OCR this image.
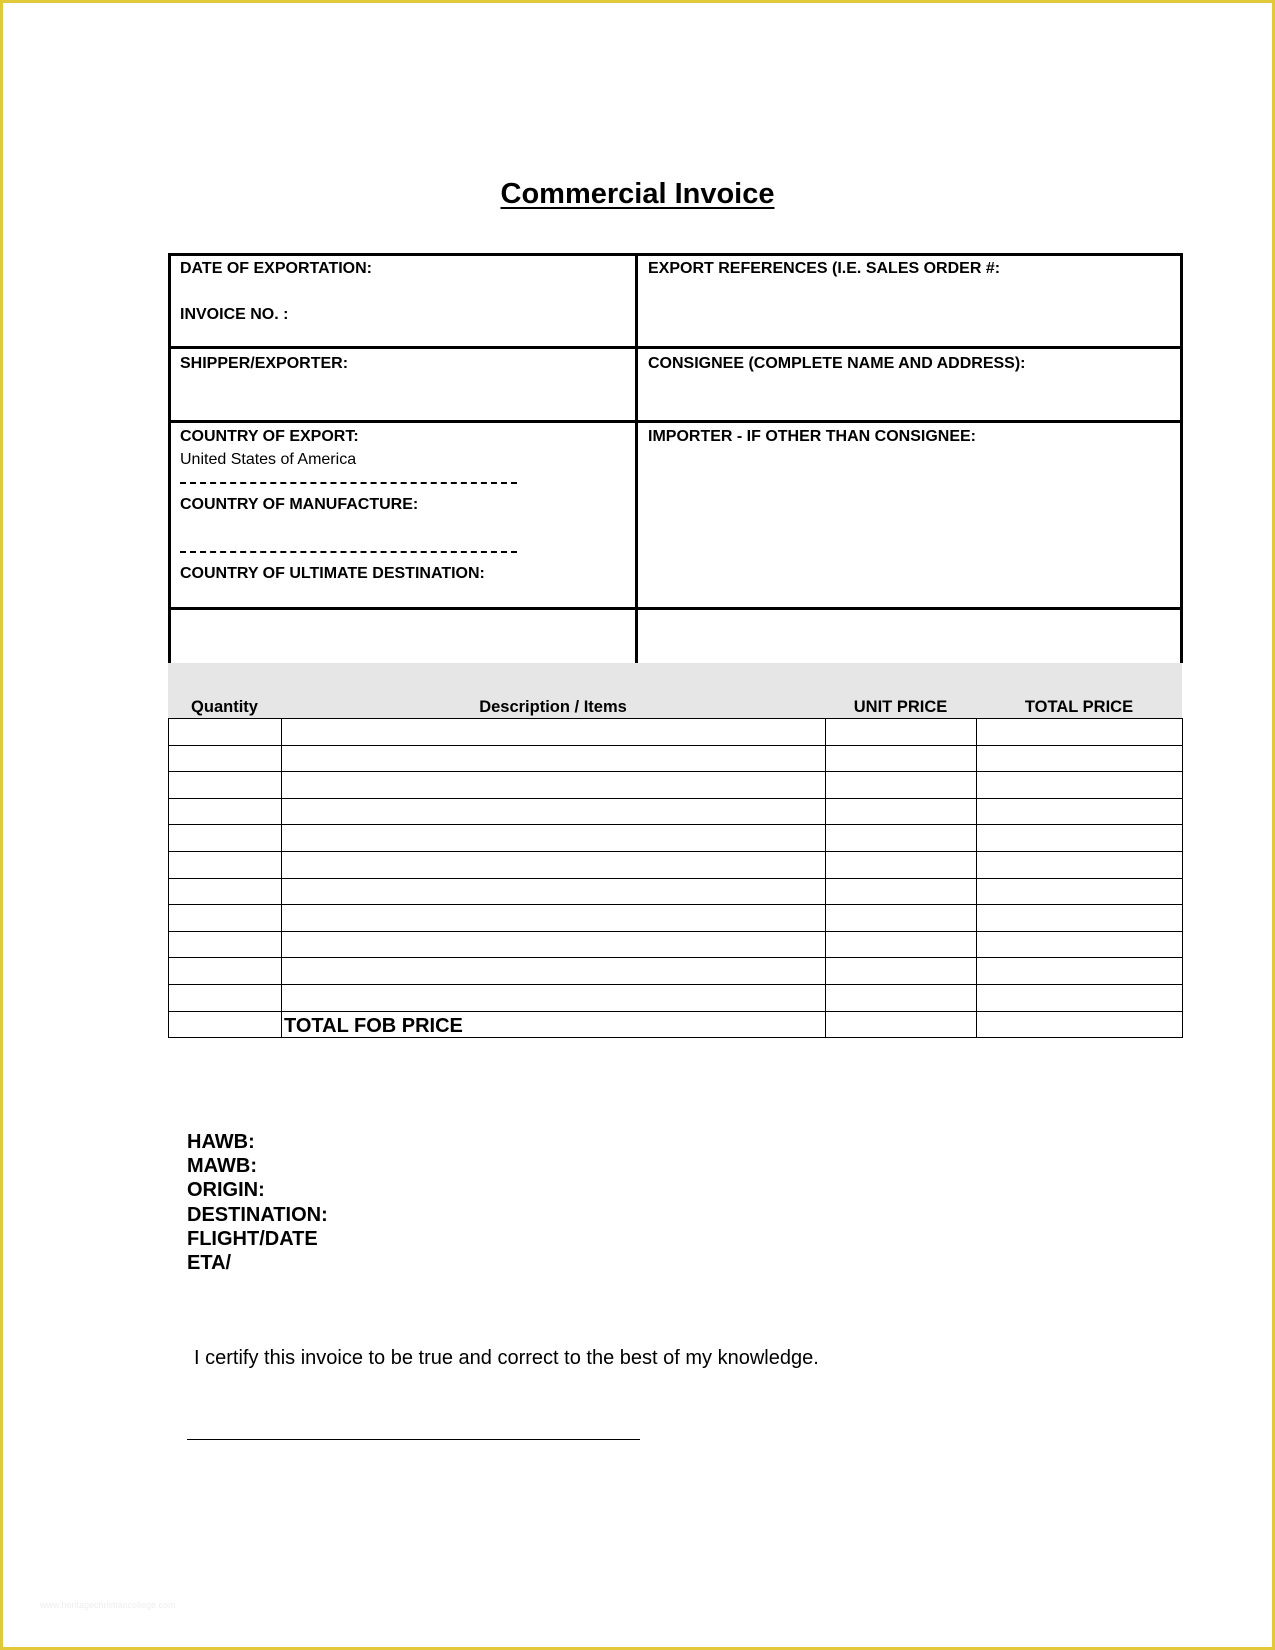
Commercial Invoice
DATE OF EXPORTATION:
INVOICE NO. :
EXPORT REFERENCES (I.E. SALES ORDER #:
SHIPPER/EXPORTER:	CONSIGNEE (COMPLETE NAME AND ADDRESS):
COUNTRY OF EXPORT:
United States of America
COUNTRY OF MANUFACTURE:
COUNTRY OF ULTIMATE DESTINATION:
IMPORTER - IF OTHER THAN CONSIGNEE:
Quantity	Description / Items	UNIT PRICE	TOTAL PRICE

	TOTAL FOB PRICE		
HAWB:
MAWB:
ORIGIN:
DESTINATION:
FLIGHT/DATE
ETA/
I certify this invoice to be true and correct to the best of my knowledge.
www.heritagechristiancollege.com
